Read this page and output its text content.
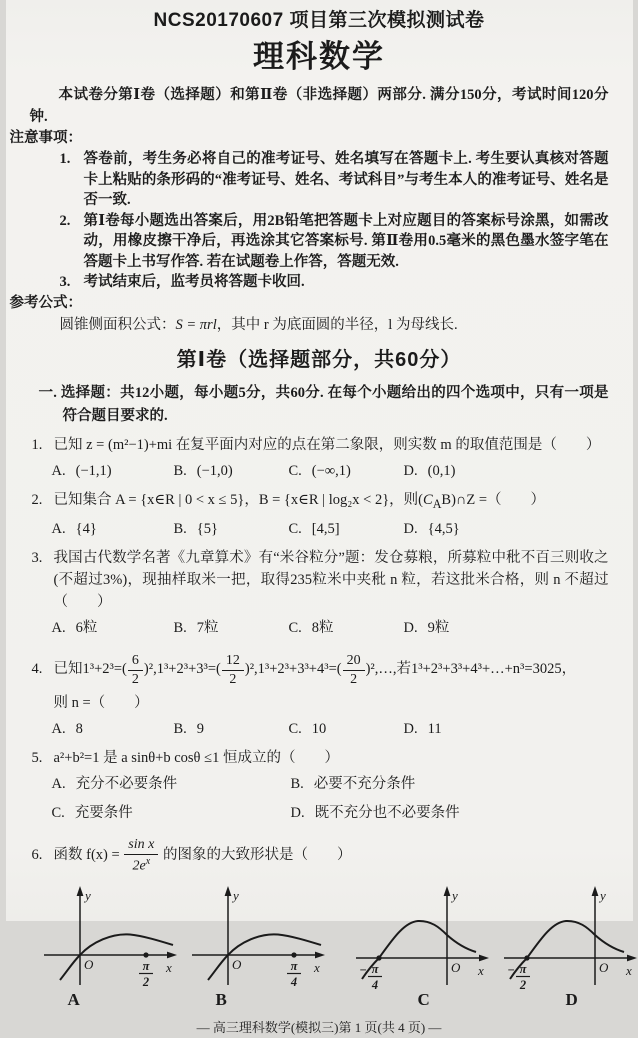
NCS20170607 项目第三次模拟测试卷
理科数学
本试卷分第Ⅰ卷（选择题）和第Ⅱ卷（非选择题）两部分. 满分150分，考试时间120分钟.
注意事项：
1. 答卷前，考生务必将自己的准考证号、姓名填写在答题卡上. 考生要认真核对答题卡上粘贴的条形码的“准考证号、姓名、考试科目”与考生本人的准考证号、姓名是否一致.
2. 第Ⅰ卷每小题选出答案后，用2B铅笔把答题卡上对应题目的答案标号涂黑，如需改动，用橡皮擦干净后，再选涂其它答案标号. 第Ⅱ卷用0.5毫米的黑色墨水签字笔在答题卡上书写作答. 若在试题卷上作答，答题无效.
3. 考试结束后，监考员将答题卡收回.
参考公式：
圆锥侧面积公式：S = πrl，其中 r 为底面圆的半径，l 为母线长.
第Ⅰ卷（选择题部分，共60分）
一. 选择题：共12小题，每小题5分，共60分. 在每个小题给出的四个选项中，只有一项是符合题目要求的.
1. 已知 z = (m²−1)+mi 在复平面内对应的点在第二象限，则实数 m 的取值范围是（　　）
A. (−1,1)	B. (−1,0)	C. (−∞,1)	D. (0,1)
2. 已知集合 A = {x∈R | 0 < x ≤ 5}，B = {x∈R | log₂x < 2}，则$(C_AB)\cap Z$ =（　　）
A. {4}	B. {5}	C. [4,5]	D. {4,5}
3. 我国古代数学名著《九章算术》有“米谷粒分”题：发仓募粮，所募粒中秕不百三则收之(不超过3%)，现抽样取米一把，取得235粒米中夹秕 n 粒，若这批米合格，则 n 不超过（　　）
A. 6粒	B. 7粒	C. 8粒	D. 9粒
4. 已知$1^3+2^3=( \frac{6}{2} )^2,1^3+2^3+3^3=( \frac{12}{2} )^2,1^3+2^3+3^3+4^3=( \frac{20}{2}$ )²,…,若1³+2³+3³+4³+…+n³=3025，
则 n =（　　）
A. 8	B. 9	C. 10	D. 11
5. a²+b²=1 是 a sinθ+b cosθ ≤1 恒成立的（　　）
A. 充分不必要条件	B. 必要不充分条件
C. 充要条件	D. 既不充分也不必要条件
6. 函数 $f(x) = \frac{\text{sin x}}{2e^x}$ 的图象的大致形状是（　　）
y
O	x
π
2
A
y
O	x
π
4
B
y
O x
− π
4
C
y
O x
− π
2
D
— 高三理科数学(模拟三)第 1 页(共 4 页) —
